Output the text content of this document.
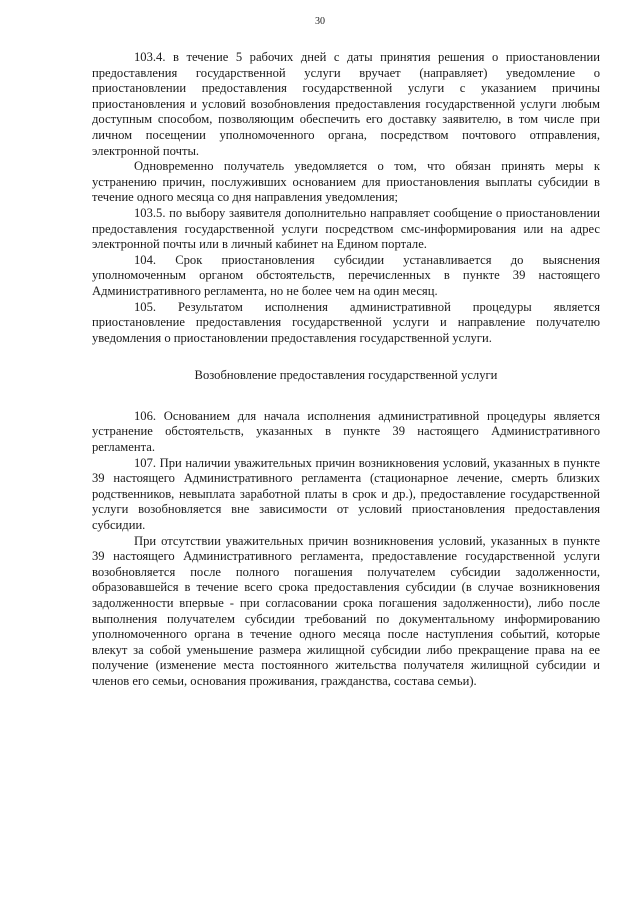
30

103.4. в течение 5 рабочих дней с даты принятия решения о приостановлении предоставления государственной услуги вручает (направляет) уведомление о приостановлении предоставления государственной услуги с указанием причины приостановления и условий возобновления предоставления государственной услуги любым доступным способом, позволяющим обеспечить его доставку заявителю, в том числе при личном посещении уполномоченного органа, посредством почтового отправления, электронной почты.

Одновременно получатель уведомляется о том, что обязан принять меры к устранению причин, послуживших основанием для приостановления выплаты субсидии в течение одного месяца со дня направления уведомления;

103.5. по выбору заявителя дополнительно направляет сообщение о приостановлении предоставления государственной услуги посредством смс-информирования или на адрес электронной почты или в личный кабинет на Едином портале.

104. Срок приостановления субсидии устанавливается до выяснения уполномоченным органом обстоятельств, перечисленных в пункте 39 настоящего Административного регламента, но не более чем на один месяц.

105. Результатом исполнения административной процедуры является приостановление предоставления государственной услуги и направление получателю уведомления о приостановлении предоставления государственной услуги.

Возобновление предоставления государственной услуги

106. Основанием для начала исполнения административной процедуры является устранение обстоятельств, указанных в пункте 39 настоящего Административного регламента.

107. При наличии уважительных причин возникновения условий, указанных в пункте 39 настоящего Административного регламента (стационарное лечение, смерть близких родственников, невыплата заработной платы в срок и др.), предоставление государственной услуги возобновляется вне зависимости от условий приостановления предоставления субсидии.

При отсутствии уважительных причин возникновения условий, указанных в пункте 39 настоящего Административного регламента, предоставление государственной услуги возобновляется после полного погашения получателем субсидии задолженности, образовавшейся в течение всего срока предоставления субсидии (в случае возникновения задолженности впервые - при согласовании срока погашения задолженности), либо после выполнения получателем субсидии требований по документальному информированию уполномоченного органа в течение одного месяца после наступления событий, которые влекут за собой уменьшение размера жилищной субсидии либо прекращение права на ее получение (изменение места постоянного жительства получателя жилищной субсидии и членов его семьи, основания проживания, гражданства, состава семьи).
